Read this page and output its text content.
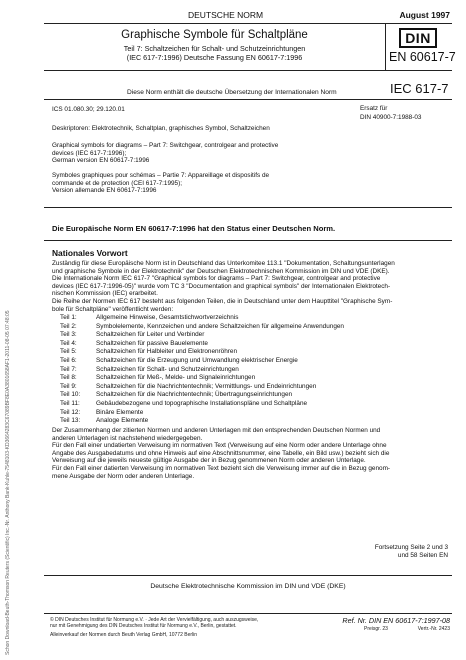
Schon Download-Beuth-Thomson Reuters (Scientific) Inc.-Nr. Anthony Bank-Kuhle-7548103-KD3664283C67089BF8E0A3801658AF1-2011-08-05 07:48:05
DEUTSCHE NORM	August 1997
Graphische Symbole für Schaltpläne
Teil 7: Schaltzeichen für Schalt- und Schutzeinrichtungen
(IEC 617-7:1996) Deutsche Fassung EN 60617-7:1996
DIN
EN 60617-7
Diese Norm enthält die deutsche Übersetzung der Internationalen Norm	IEC 617-7
ICS 01.080.30; 29.120.01	Ersatz für
DIN 40900-7:1988-03
Deskriptoren: Elektrotechnik, Schaltplan, graphisches Symbol, Schaltzeichen
Graphical symbols for diagrams – Part 7: Switchgear, controlgear and protective
devices (IEC 617-7:1996);
German version EN 60617-7:1996
Symboles graphiques pour schémas – Partie 7: Appareillage et dispositifs de
commande et de protection (CEI 617-7:1995);
Version allemande EN 60617-7:1996
Die Europäische Norm EN 60617-7:1996 hat den Status einer Deutschen Norm.
Nationales Vorwort
Zuständig für diese Europäische Norm ist in Deutschland das Unterkomitee 113.1 "Dokumentation, Schaltungsunterlagen
und graphische Symbole in der Elektrotechnik" der Deutschen Elektrotechnischen Kommission im DIN und VDE (DKE).
Die Internationale Norm IEC 617-7 "Graphical symbols for diagrams – Part 7: Switchgear, controlgear and protective
devices (IEC 617-7:1996-05)" wurde vom TC 3 "Documentation and graphical symbols" der Internationalen Elektrotech-
nischen Kommission (IEC) erarbeitet.
Die Reihe der Normen IEC 617 besteht aus folgenden Teilen, die in Deutschland unter dem Haupttitel "Graphische Sym-
bole für Schaltpläne" veröffentlicht werden:
Teil 1:	Allgemeine Hinweise, Gesamtstichwortverzeichnis
Teil 2:	Symbolelemente, Kennzeichen und andere Schaltzeichen für allgemeine Anwendungen
Teil 3:	Schaltzeichen für Leiter und Verbinder
Teil 4:	Schaltzeichen für passive Bauelemente
Teil 5:	Schaltzeichen für Halbleiter und Elektronenröhren
Teil 6:	Schaltzeichen für die Erzeugung und Umwandlung elektrischer Energie
Teil 7:	Schaltzeichen für Schalt- und Schutzeinrichtungen
Teil 8:	Schaltzeichen für Meß-, Melde- und Signaleinrichtungen
Teil 9:	Schaltzeichen für die Nachrichtentechnik; Vermittlungs- und Endeinrichtungen
Teil 10:	Schaltzeichen für die Nachrichtentechnik; Übertragungseinrichtungen
Teil 11:	Gebäudebezogene und topographische Installationspläne und Schaltpläne
Teil 12:	Binäre Elemente
Teil 13:	Analoge Elemente
Der Zusammenhang der zitierten Normen und anderen Unterlagen mit den entsprechenden Deutschen Normen und
anderen Unterlagen ist nachstehend wiedergegeben.
Für den Fall einer undatierten Verweisung im normativen Text (Verweisung auf eine Norm oder andere Unterlage ohne
Angabe des Ausgabedatums und ohne Hinweis auf eine Abschnittsnummer, eine Tabelle, ein Bild usw.) bezieht sich die
Verweisung auf die jeweils neueste gültige Ausgabe der in Bezug genommenen Norm oder anderen Unterlage.
Für den Fall einer datierten Verweisung im normativen Text bezieht sich die Verweisung immer auf die in Bezug genom-
mene Ausgabe der Norm oder anderen Unterlage.
Fortsetzung Seite 2 und 3
und 58 Seiten EN
Deutsche Elektrotechnische Kommission im DIN und VDE (DKE)
© DIN Deutsches Institut für Normung e.V. · Jede Art der Vervielfältigung, auch auszugsweise,
nur mit Genehmigung des DIN Deutsches Institut für Normung e.V., Berlin, gestattet.
Alleinverkauf der Normen durch Beuth Verlag GmbH, 10772 Berlin
Ref. Nr. DIN EN 60617-7:1997-08
Preisgr. 23	Vertr.-Nr. 2423
